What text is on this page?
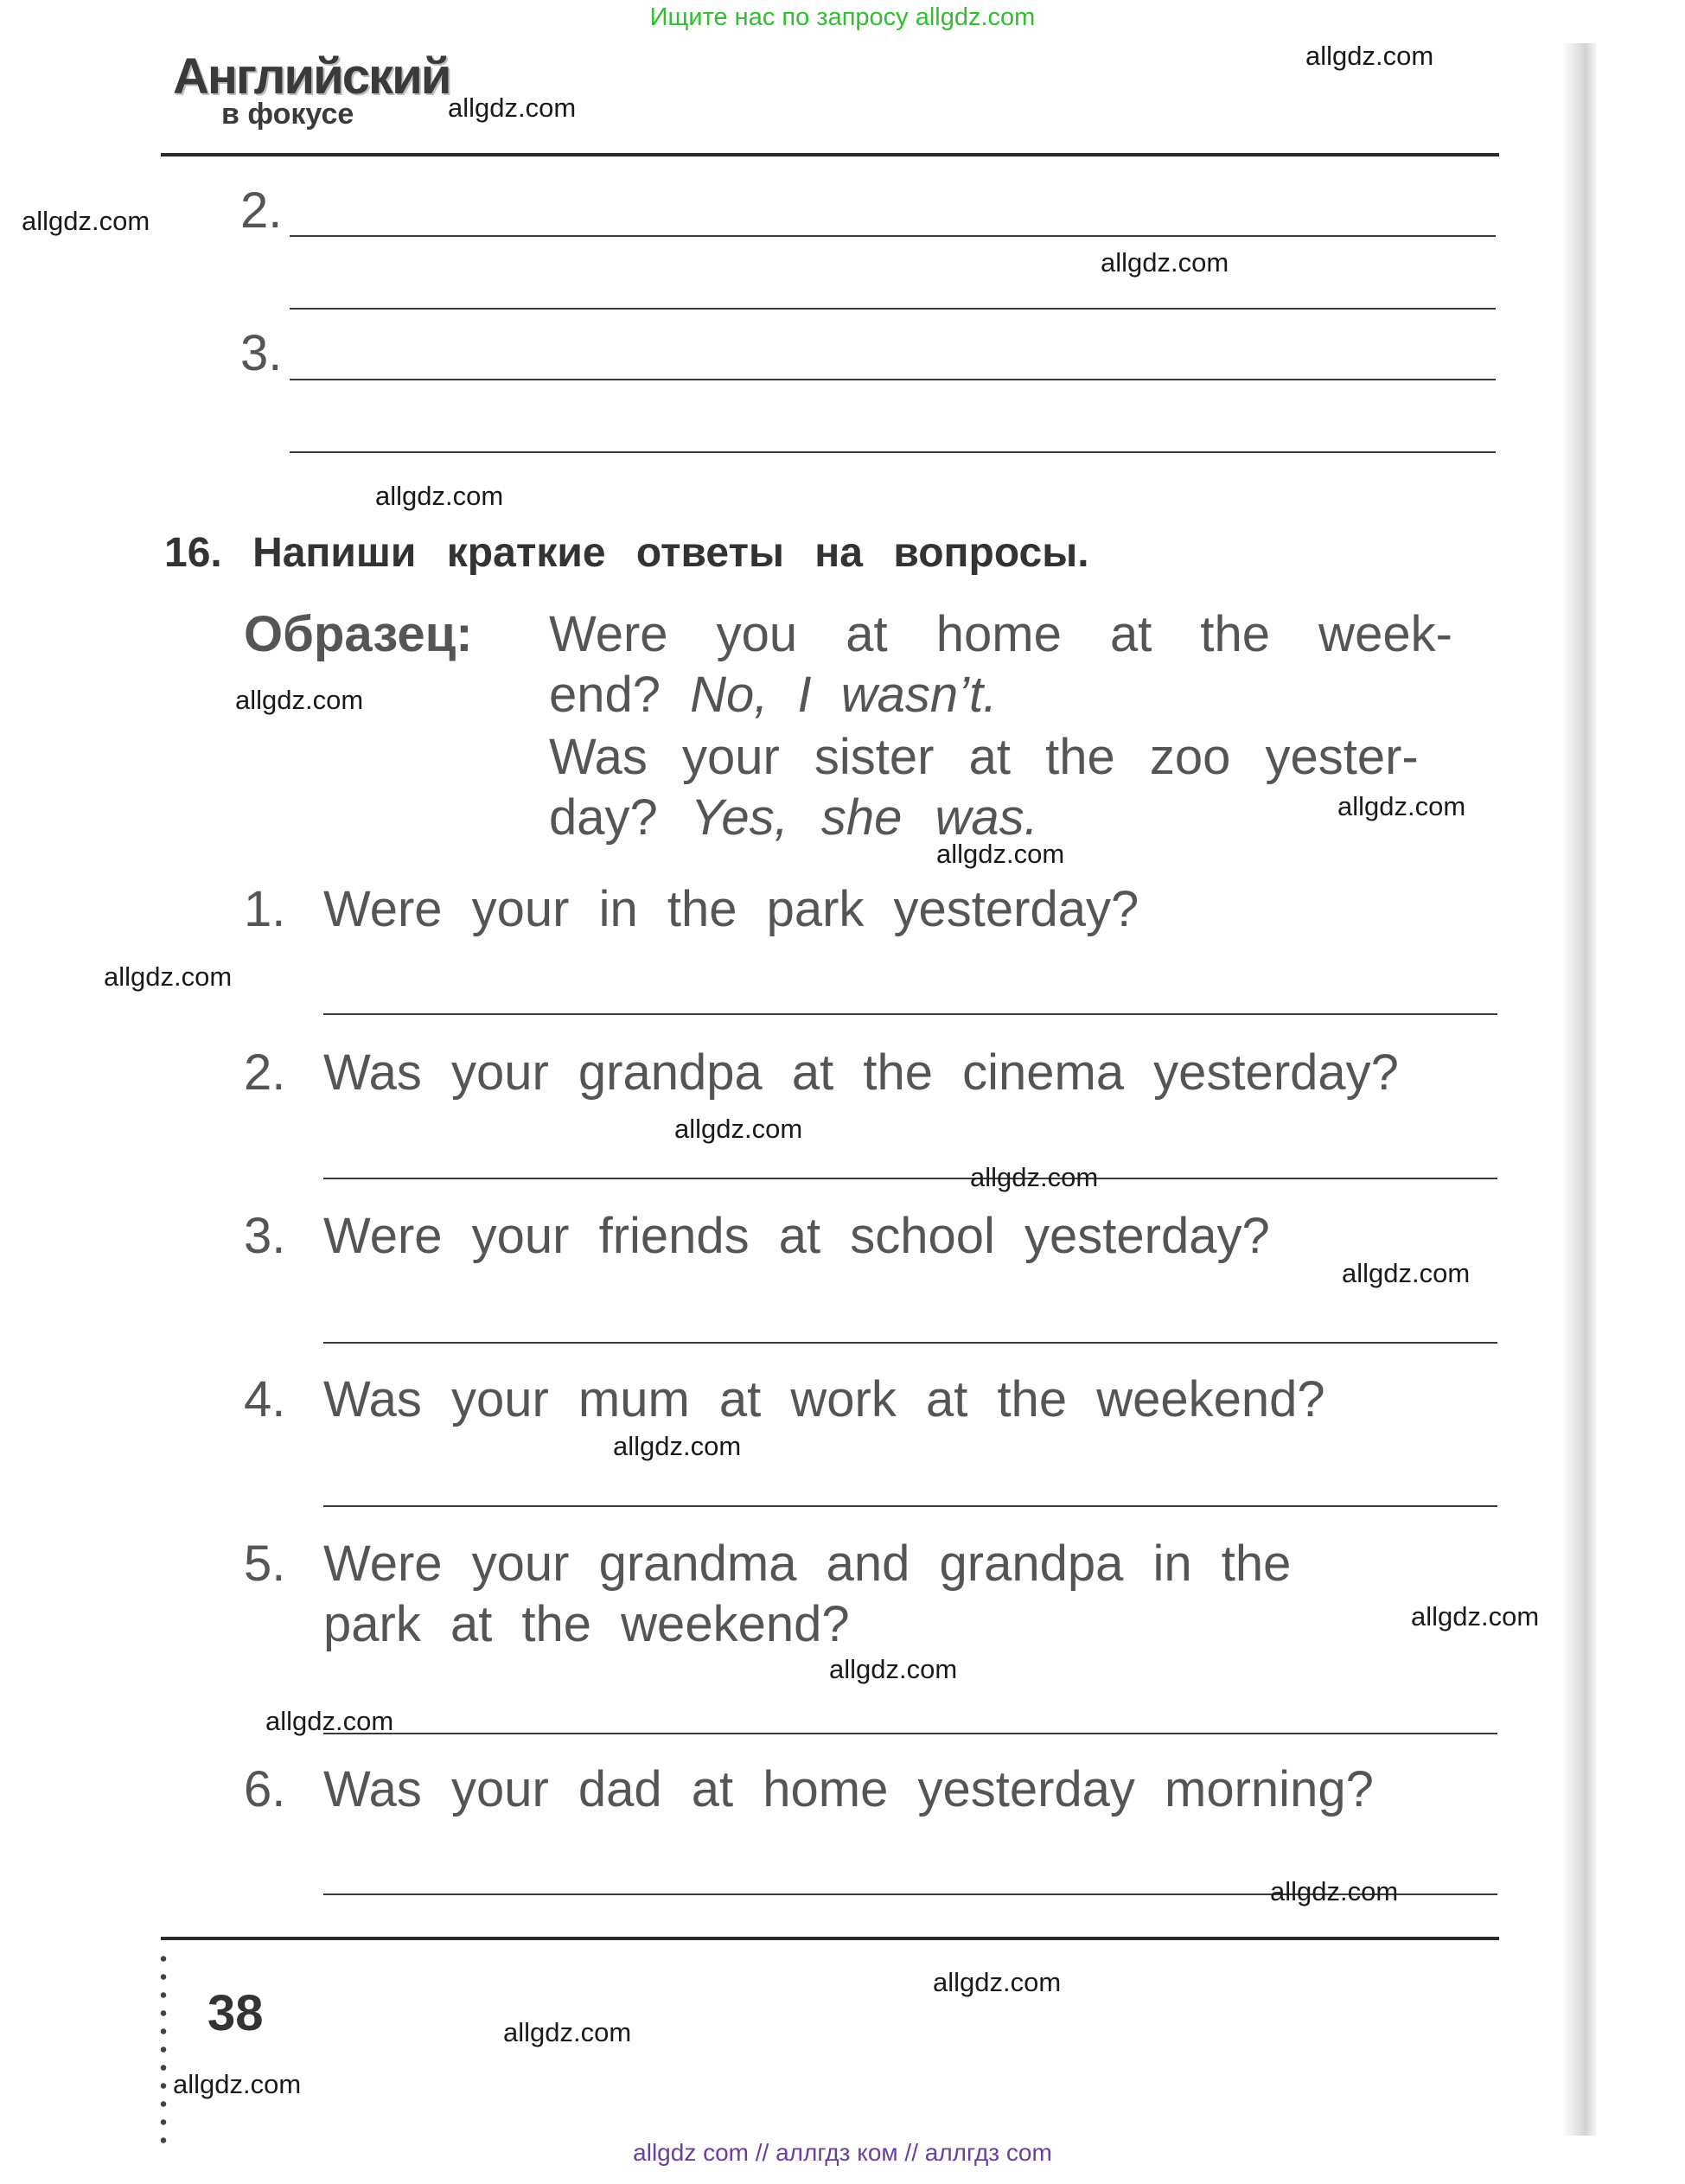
Ищите нас по запросу allgdz.com
Английский
в фокусе
2.
3.
16. Напиши краткие ответы на вопросы.
Образец: Were you at home at the week-
end? No, I wasn’t.
Was your sister at the zoo yester-
day? Yes, she was.
1. Were your in the park yesterday?
2. Was your grandpa at the cinema yesterday?
3. Were your friends at school yesterday?
4. Was your mum at work at the weekend?
5. Were your grandma and grandpa in the
park at the weekend?
6. Was your dad at home yesterday morning?
38
allgdz.com
allgdz.com
allgdz.com
allgdz.com
allgdz.com
allgdz.com
allgdz.com
allgdz.com
allgdz.com
allgdz.com
allgdz.com
allgdz.com
allgdz.com
allgdz.com
allgdz.com
allgdz.com
allgdz.com
allgdz.com
allgdz.com
allgdz.com
allgdz com // аллгдз ком // аллгдз com
